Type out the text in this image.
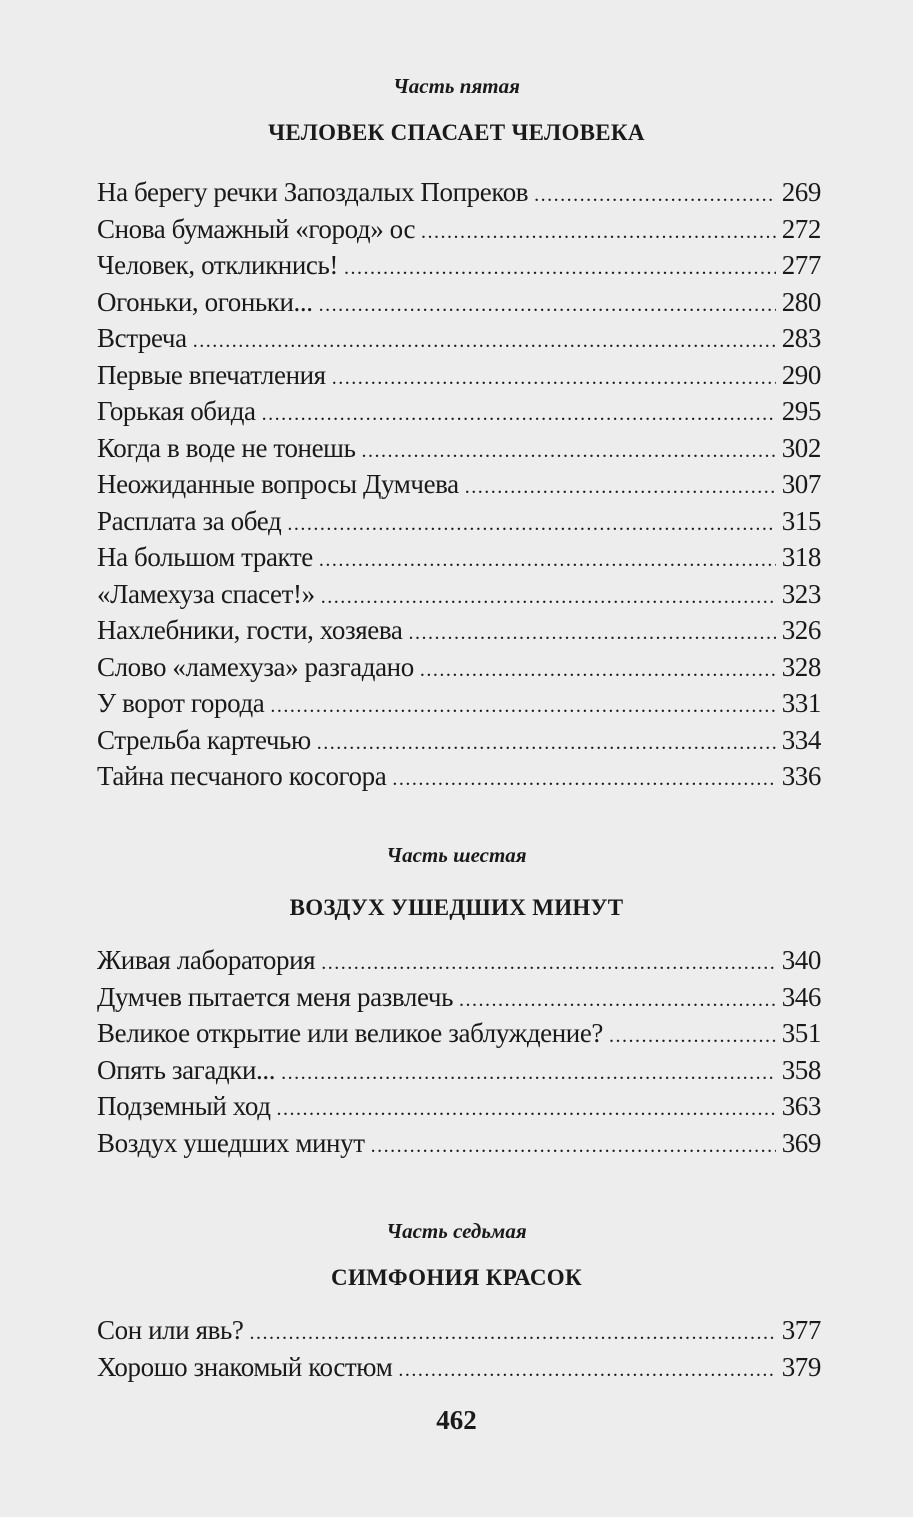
Часть пятая
ЧЕЛОВЕК СПАСАЕТ ЧЕЛОВЕКА
На берегу речки Запоздалых Попреков .....	269
Снова бумажный «город» ос .....	272
Человек, откликнись! .....	277
Огоньки, огоньки... .....	280
Встреча .....	283
Первые впечатления .....	290
Горькая обида .....	295
Когда в воде не тонешь .....	302
Неожиданные вопросы Думчева .....	307
Расплата за обед .....	315
На большом тракте .....	318
«Ламехуза спасет!» .....	323
Нахлебники, гости, хозяева .....	326
Слово «ламехуза» разгадано .....	328
У ворот города .....	331
Стрельба картечью .....	334
Тайна песчаного косогора .....	336
Часть шестая
ВОЗДУХ УШЕДШИХ МИНУТ
Живая лаборатория .....	340
Думчев пытается меня развлечь .....	346
Великое открытие или великое заблуждение? .....	351
Опять загадки... .....	358
Подземный ход .....	363
Воздух ушедших минут .....	369
Часть седьмая
СИМФОНИЯ КРАСОК
Сон или явь? .....	377
Хорошо знакомый костюм .....	379
462
